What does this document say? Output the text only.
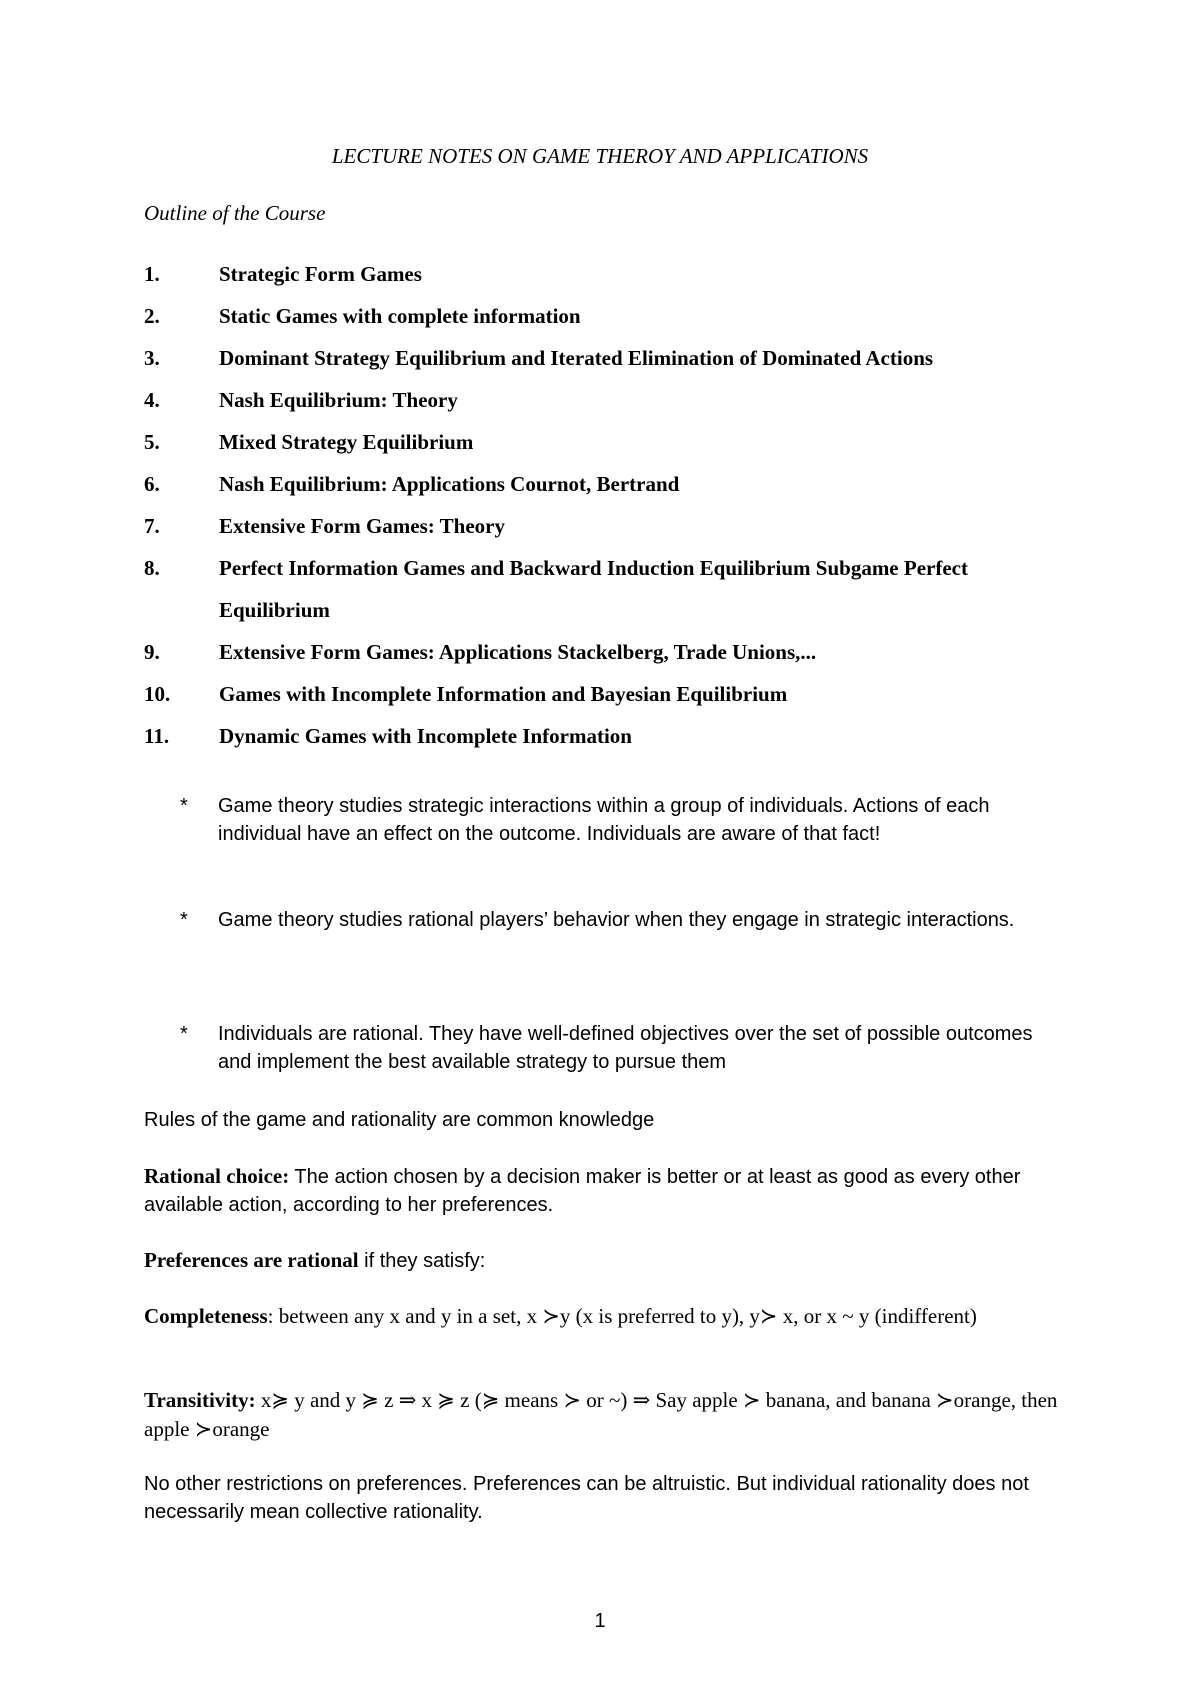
LECTURE NOTES ON GAME THEROY AND APPLICATIONS
Outline of the Course
1.	Strategic Form Games
2.	Static Games with complete information
3.	Dominant Strategy Equilibrium and Iterated Elimination of Dominated Actions
4.	Nash Equilibrium: Theory
5.	Mixed Strategy Equilibrium
6.	Nash Equilibrium: Applications Cournot, Bertrand
7.	Extensive Form Games: Theory
8.	Perfect Information Games and Backward Induction Equilibrium Subgame Perfect Equilibrium
9.	Extensive Form Games: Applications Stackelberg, Trade Unions,...
10.	Games with Incomplete Information and Bayesian Equilibrium
11.	Dynamic Games with Incomplete Information
* Game theory studies strategic interactions within a group of individuals. Actions of each individual have an effect on the outcome. Individuals are aware of that fact!
* Game theory studies rational players’ behavior when they engage in strategic interactions.
* Individuals are rational. They have well-defined objectives over the set of possible outcomes and implement the best available strategy to pursue them
Rules of the game and rationality are common knowledge
Rational choice: The action chosen by a decision maker is better or at least as good as every other available action, according to her preferences.
Preferences are rational if they satisfy:
Completeness: between any x and y in a set, x ≻y (x is preferred to y), y≻ x, or x ~ y (indifferent)
Transitivity: x≽ y and y ≽ z ⇒ x ≽ z (≽ means ≻ or ~) ⇒ Say apple ≻ banana, and banana ≻orange, then apple ≻orange
No other restrictions on preferences. Preferences can be altruistic. But individual rationality does not necessarily mean collective rationality.
1
